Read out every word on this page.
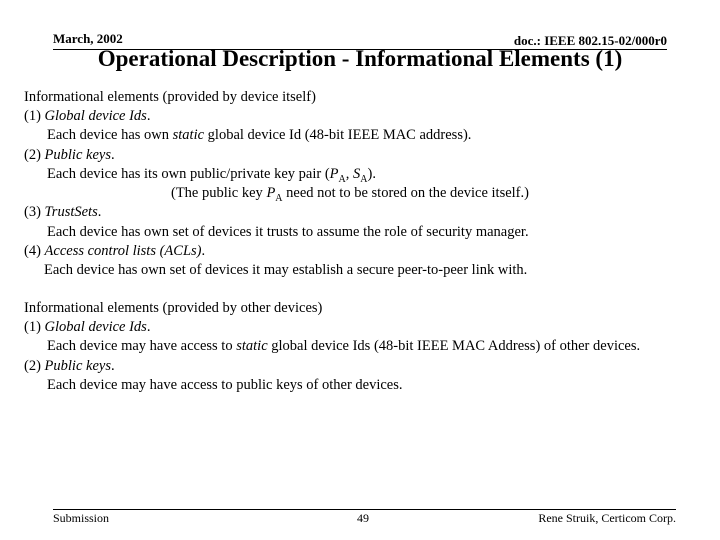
March, 2002	doc.: IEEE 802.15-02/000r0
Operational Description - Informational Elements (1)
Informational elements (provided by device itself)
(1) Global device Ids.
Each device has own static global device Id (48-bit IEEE MAC address).
(2) Public keys.
Each device has its own public/private key pair ($P_A$, $S_A$).
(The public key $P_A$ need not to be stored on the device itself.)
(3) TrustSets.
Each device has own set of devices it trusts to assume the role of security manager.
(4) Access control lists (ACLs).
Each device has own set of devices it may establish a secure peer-to-peer link with.
Informational elements (provided by other devices)
(1) Global device Ids.
Each device may have access to static global device Ids (48-bit IEEE MAC Address) of other devices.
(2) Public keys.
Each device may have access to public keys of other devices.
Submission	49	Rene Struik, Certicom Corp.
